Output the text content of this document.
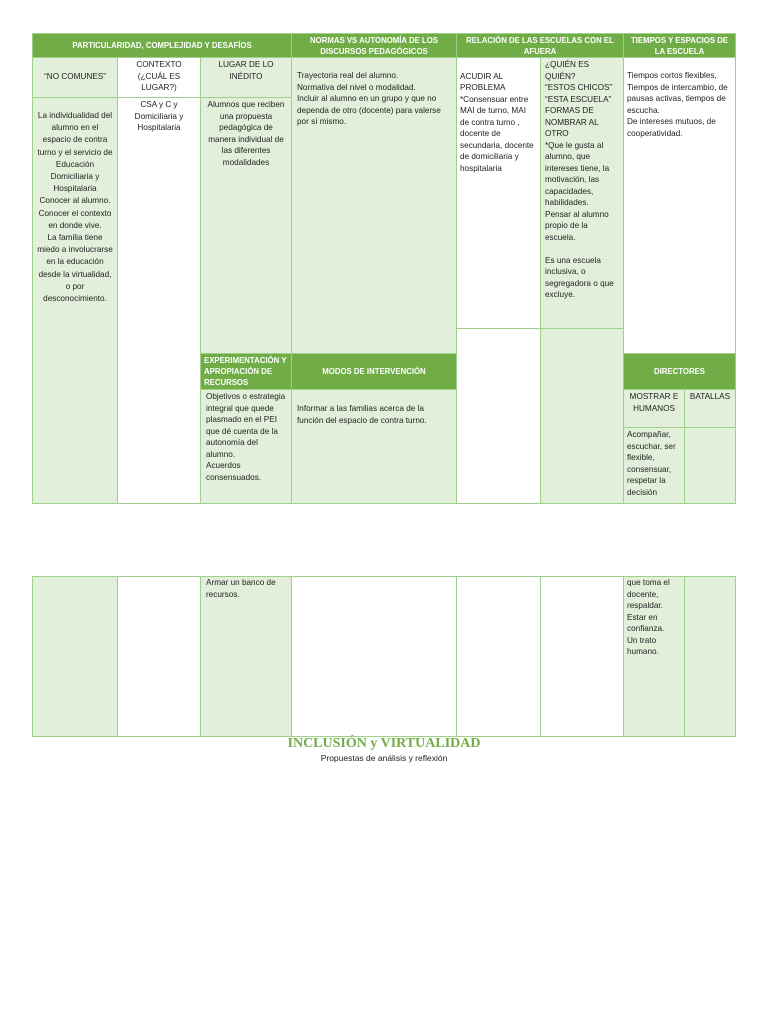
PARTICULARIDAD, COMPLEJIDAD Y DESAFÍOS
NORMAS VS AUTONOMÍA DE LOS DISCURSOS PEDAGÓGICOS
RELACIÓN DE LAS ESCUELAS CON EL AFUERA
TIEMPOS Y ESPACIOS DE LA ESCUELA
“NO COMUNES”
La individualidad del alumno en el espacio de contra turno y el servicio de Educación Domiciliaria y Hospitalaria
Conocer al alumno.
Conocer el contexto en donde vive.
La familia tiene miedo a involucrarse en la educación desde la virtualidad, o por desconocimiento.
CONTEXTO (¿CUÁL ES LUGAR?)
CSA y C y Domiciliaria y Hospitalaria
LUGAR DE LO INÉDITO
Alumnos que reciben una propuesta pedagógica de manera individual de las diferentes modalidades
EXPERIMENTACIÓN Y APROPIACIÓN DE RECURSOS
Objetivos o estrategia integral que quede plasmado en el PEI que dé cuenta de la autonomía del alumno.
Acuerdos consensuados.
Trayectoria real del alumno.
Normativa del nivel o modalidad.
Incluir al alumno en un grupo y que no dependa de otro (docente) para valerse por sí mismo.
MODOS DE INTERVENCIÓN
Informar a las familias acerca de la función del espacio de contra turno.

ACUDIR AL PROBLEMA
*Consensuar entre MAI de turno, MAI de contra turno , docente de secundaria, docente de domiciliaria y hospitalaria

¿QUIÉN ES QUIÉN?
“ESTOS CHICOS”
“ESTA ESCUELA”
FORMAS DE NOMBRAR AL OTRO
*Que le gusta al alumno, que intereses tiene, la motivación, las capacidades, habilidades.
Pensar al alumno propio de la escuela.

Es una escuela inclusiva, o segregadora o que excluye.
Tiempos cortos flexibles,
Tiempos de intercambio, de pausas activas, tiempos de escucha.
De intereses mutuos, de cooperatividad.
DIRECTORES
MOSTRAR E HUMANOS
BATALLAS
Acompañar, escuchar, ser flexible, consensuar, respetar la decisión
Armar un banco de recursos.
que toma el docente, respaldar.
Estar en confianza.
Un trato humano.
INCLUSIÓN y VIRTUALIDAD
Propuestas de análisis y reflexión
